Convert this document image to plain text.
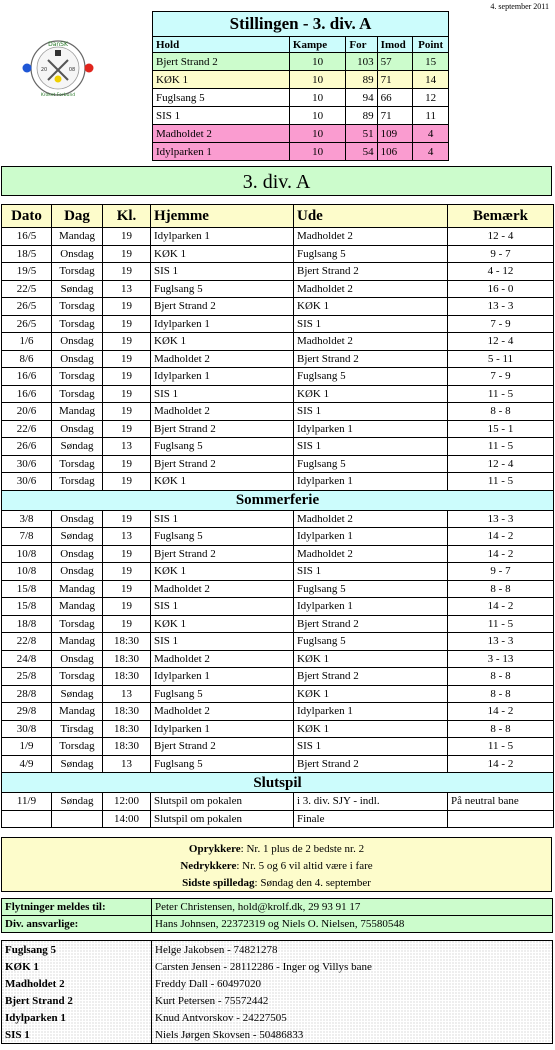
4. september 2011
DanSK
20	08
Kroket Forbund
Stillingen - 3. div. A				
Hold	Kampe	For	Imod	Point
Bjert Strand 2	10	103	57	15
KØK 1	10	89	71	14
Fuglsang 5	10	94	66	12
SIS 1	10	89	71	11
Madholdet 2	10	51	109	4
Idylparken 1	10	54	106	4
3. div. A
Dato	Dag	Kl.	Hjemme	Ude	Bemærk
16/5	Mandag	19	Idylparken 1	Madholdet 2	12 - 4
18/5	Onsdag	19	KØK 1	Fuglsang 5	9 - 7
19/5	Torsdag	19	SIS 1	Bjert Strand 2	4 - 12
22/5	Søndag	13	Fuglsang 5	Madholdet 2	16 - 0
26/5	Torsdag	19	Bjert Strand 2	KØK 1	13 - 3
26/5	Torsdag	19	Idylparken 1	SIS 1	7 - 9
1/6	Onsdag	19	KØK 1	Madholdet 2	12 - 4
8/6	Onsdag	19	Madholdet 2	Bjert Strand 2	5 - 11
16/6	Torsdag	19	Idylparken 1	Fuglsang 5	7 - 9
16/6	Torsdag	19	SIS 1	KØK 1	11 - 5
20/6	Mandag	19	Madholdet 2	SIS 1	8 - 8
22/6	Onsdag	19	Bjert Strand 2	Idylparken 1	15 - 1
26/6	Søndag	13	Fuglsang 5	SIS 1	11 - 5
30/6	Torsdag	19	Bjert Strand 2	Fuglsang 5	12 - 4
30/6	Torsdag	19	KØK 1	Idylparken 1	11 - 5
Sommerferie					
3/8	Onsdag	19	SIS 1	Madholdet 2	13 - 3
7/8	Søndag	13	Fuglsang 5	Idylparken 1	14 - 2
10/8	Onsdag	19	Bjert Strand 2	Madholdet 2	14 - 2
10/8	Onsdag	19	KØK 1	SIS 1	9 - 7
15/8	Mandag	19	Madholdet 2	Fuglsang 5	8 - 8
15/8	Mandag	19	SIS 1	Idylparken 1	14 - 2
18/8	Torsdag	19	KØK 1	Bjert Strand 2	11 - 5
22/8	Mandag	18:30	SIS 1	Fuglsang 5	13 - 3
24/8	Onsdag	18:30	Madholdet 2	KØK 1	3 - 13
25/8	Torsdag	18:30	Idylparken 1	Bjert Strand 2	8 - 8
28/8	Søndag	13	Fuglsang 5	KØK 1	8 - 8
29/8	Mandag	18:30	Madholdet 2	Idylparken 1	14 - 2
30/8	Tirsdag	18:30	Idylparken 1	KØK 1	8 - 8
1/9	Torsdag	18:30	Bjert Strand 2	SIS 1	11 - 5
4/9	Søndag	13	Fuglsang 5	Bjert Strand 2	14 - 2
Slutspil					
11/9	Søndag	12:00	Slutspil om pokalen	i 3. div. SJY - indl.	På neutral bane
		14:00	Slutspil om pokalen	Finale	
Oprykkere: Nr. 1 plus de 2 bedste nr. 2
Nedrykkere: Nr. 5 og 6 vil altid være i fare
Sidste spilledag: Søndag den 4. september
Flytninger meldes til:	Peter Christensen, hold@krolf.dk, 29 93 91 17
Div. ansvarlige:	Hans Johnsen, 22372319 og Niels O. Nielsen, 75580548
Fuglsang 5	Helge Jakobsen - 74821278
KØK 1	Carsten Jensen - 28112286 - Inger og Villys bane
Madholdet 2	Freddy Dall - 60497020
Bjert Strand 2	Kurt Petersen - 75572442
Idylparken 1	Knud Antvorskov - 24227505
SIS 1	Niels Jørgen Skovsen - 50486833
